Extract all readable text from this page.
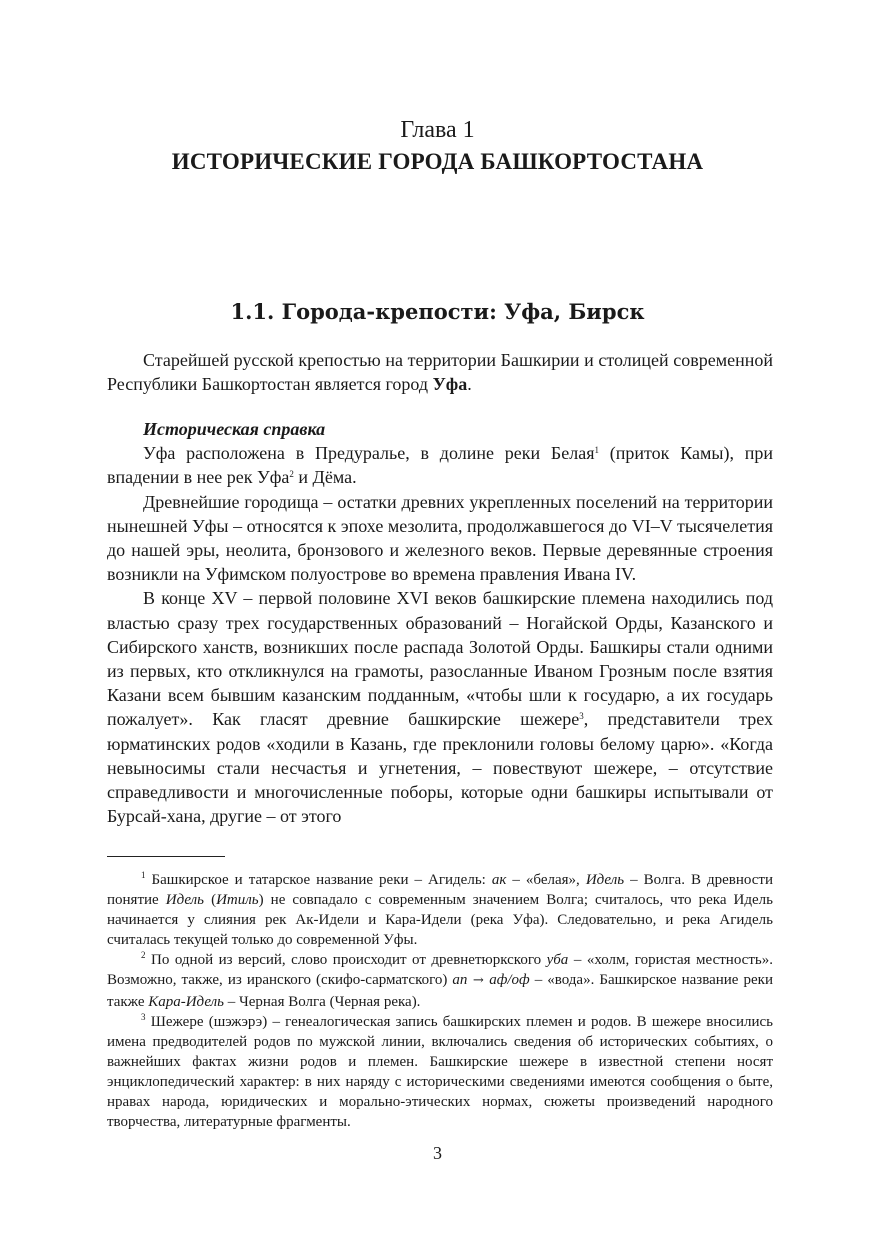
Глава 1
ИСТОРИЧЕСКИЕ ГОРОДА БАШКОРТОСТАНА
1.1. Города-крепости: Уфа, Бирск

Старейшей русской крепостью на территории Башкирии и столицей современной Республики Башкортостан является город Уфа.

Историческая справка

Уфа расположена в Предуралье, в долине реки Белая$^1$ (приток Камы), при впадении в нее рек Уфа$^2$ и Дёма.

Древнейшие городища – остатки древних укрепленных поселений на территории нынешней Уфы – относятся к эпохе мезолита, продолжавшегося до VI–V тысячелетия до нашей эры, неолита, бронзового и железного веков. Первые деревянные строения возникли на Уфимском полуострове во времена правления Ивана IV.

В конце XV – первой половине XVI веков башкирские племена находились под властью сразу трех государственных образований – Ногайской Орды, Казанского и Сибирского ханств, возникших после распада Золотой Орды. Башкиры стали одними из первых, кто откликнулся на грамоты, разосланные Иваном Грозным после взятия Казани всем бывшим казанским подданным, «чтобы шли к государю, а их государь пожалует». Как гласят древние башкирские шежере$^3$, представители трех юрматинских родов «ходили в Казань, где преклонили головы белому царю». «Когда невыносимы стали несчастья и угнетения, – повествуют шежере, – отсутствие справедливости и многочисленные поборы, которые одни башкиры испытывали от Бурсай-хана, другие – от этого

$^1$ Башкирское и татарское название реки – Агидель: ак – «белая», Идель – Волга. В древности понятие Идель (Итиль) не совпадало с современным значением Волга; считалось, что река Идель начинается у слияния рек Ак-Идели и Кара-Идели (река Уфа). Следовательно, и река Агидель считалась текущей только до современной Уфы.

$^2$ По одной из версий, слово происходит от древнетюркского уба – «холм, гористая местность». Возможно, также, из иранского (скифо-сарматского) ап → аф/оф – «вода». Башкирское название реки также Кара-Идель – Черная Волга (Черная река).

$^3$ Шежере (шэжэрэ) – генеалогическая запись башкирских племен и родов. В шежере вносились имена предводителей родов по мужской линии, включались сведения об исторических событиях, о важнейших фактах жизни родов и племен. Башкирские шежере в известной степени носят энциклопедический характер: в них наряду с историческими сведениями имеются сообщения о быте, нравах народа, юридических и морально-этических нормах, сюжеты произведений народного творчества, литературные фрагменты.

3
